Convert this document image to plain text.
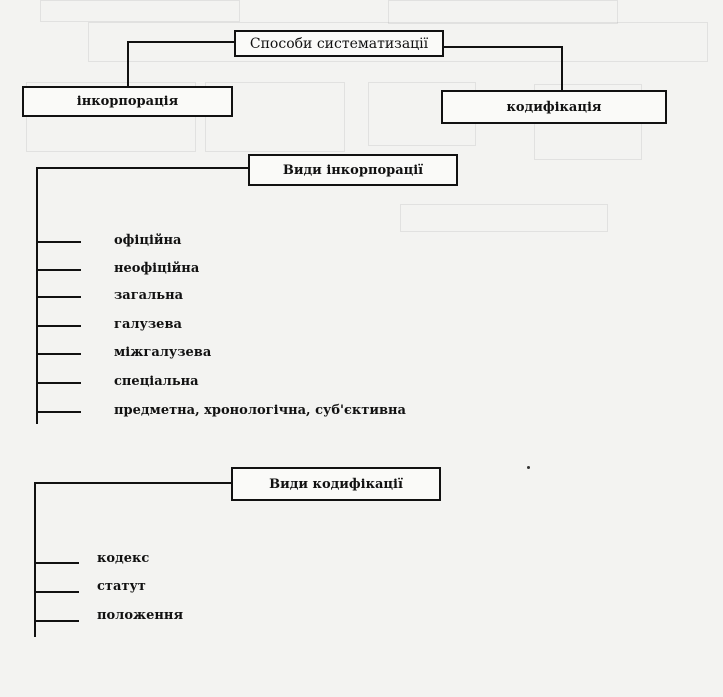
Способи систематизації
інкорпорація	кодифікація
Види інкорпорації
офіційна
неофіційна
загальна
галузева
міжгалузева
спеціальна
предметна, хронологічна, суб'єктивна
Види кодифікації
кодекс
статут
положення
